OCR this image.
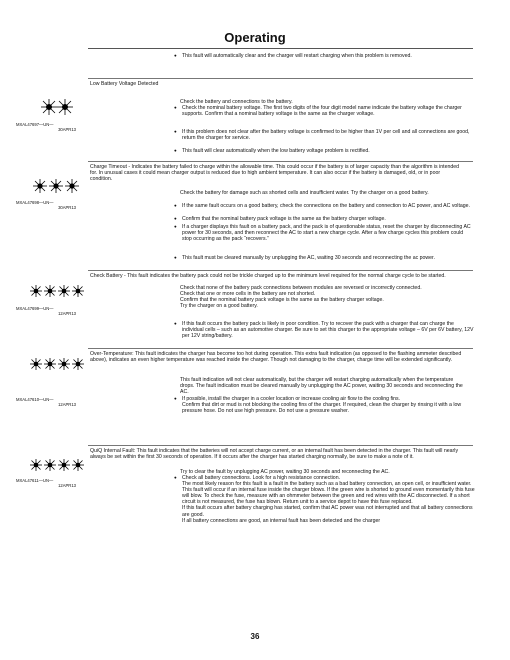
Operating
● This fault will automatically clear and the charger will restart charging when this problem is removed.
Low Battery Voltage Detected
MXAL47697—UN—
30APR13
Check the battery and connections to the battery.
● Check the nominal battery voltage. The first two digits of the four digit model name indicate the battery voltage the charger supports. Confirm that a nominal battery voltage is the same as the charger voltage.
● If this problem does not clear after the battery voltage is confirmed to be higher than 1V per cell and all connections are good, return the charger for service.
● This fault will clear automatically when the low battery voltage problem is rectified.
Charge Timeout - Indicates the battery failed to charge within the allowable time. This could occur if the battery is of larger capacity than the algorithm is intended for. In unusual cases it could mean charger output is reduced due to high ambient temperature. It can also occur if the battery is damaged, old, or in poor condition.
MXAL47698—UN—
30APR13
Check the battery for damage such as shorted cells and insufficient water. Try the charger on a good battery.
● If the same fault occurs on a good battery, check the connections on the battery and connection to AC power, and AC voltage.
● Confirm that the nominal battery pack voltage is the same as the battery charger voltage.
● If a charger displays this fault on a battery pack, and the pack is of questionable status, reset the charger by disconnecting AC power for 30 seconds, and then reconnect the AC to start a new charge cycle. After a few charge cycles this problem could stop occurring as the pack “recovers.”
● This fault must be cleared manually by unplugging the AC, waiting 30 seconds and reconnecting the ac power.
Check Battery - This fault indicates the battery pack could not be trickle charged up to the minimum level required for the normal charge cycle to be started.
MXAL47699—UN—
12APR13
Check that none of the battery pack connections between modules are reversed or incorrectly connected.
Check that one or more cells in the battery are not shorted.
Confirm that the nominal battery pack voltage is the same as the battery charger voltage.
Try the charger on a good battery.
● If this fault occurs the battery pack is likely in poor condition. Try to recover the pack with a charger that can charge the individual cells – such as an automotive charger. Be sure to set this charger to the appropriate voltage – 6V per 6V battery, 12V per 12V string/battery.
Over-Temperature: This fault indicates the charger has become too hot during operation. This extra fault indication (as opposed to the flashing ammeter described above), indicates an even higher temperature was reached inside the charger. Though not damaging to the charger, charge time will be extended significantly.
MXAL47610—UN—
12APR13
This fault indication will not clear automatically, but the charger will restart charging automatically when the temperature drops. The fault indication must be cleared manually by unplugging the AC power, waiting 30 seconds and reconnecting the AC.
● If possible, install the charger in a cooler location or increase cooling air flow to the cooling fins.
Confirm that dirt or mud is not blocking the cooling fins of the charger. If required, clean the charger by rinsing it with a low pressure hose. Do not use high pressure. Do not use a pressure washer.
QuiQ Internal Fault: This fault indicates that the batteries will not accept charge current, or an internal fault has been detected in the charger. This fault will nearly always be set within the first 30 seconds of operation. If it occurs after the charger has started charging normally, be sure to make a note of it.
MXAL47611—UN—
12APR13
Try to clear the fault by unplugging AC power, waiting 30 seconds and reconnecting the AC.
● Check all battery connections. Look for a high resistance connection.
The most likely reason for this fault is a fault in the battery such as a bad battery connection, an open cell, or insufficient water.
This fault will occur if an internal fuse inside the charger blows. If the green wire is shorted to ground even momentarily this fuse will blow. To check the fuse, measure with an ohmmeter between the green and red wires with the AC disconnected. If a short circuit is not measured, the fuse has blown. Return unit to a service depot to have this fuse replaced.
If this fault occurs after battery charging has started, confirm that AC power was not interrupted and that all battery connections are good.
If all battery connections are good, an internal fault has been detected and the charger
36
